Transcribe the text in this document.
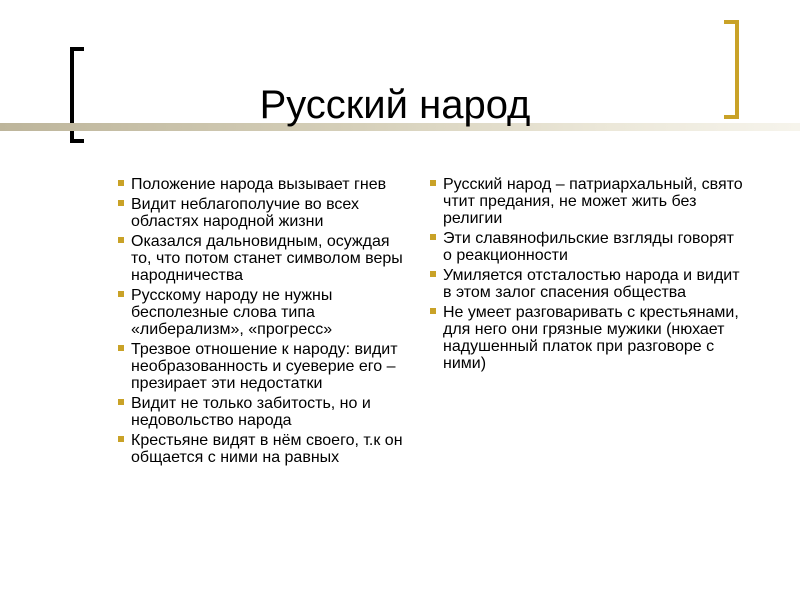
Русский народ
Положение народа вызывает гнев
Видит неблагополучие во всех областях народной жизни
Оказался дальновидным, осуждая то, что потом станет символом веры народничества
Русскому народу не нужны бесполезные слова типа «либерализм», «прогресс»
Трезвое отношение к народу: видит необразованность и суеверие его – презирает эти недостатки
Видит не только забитость, но и недовольство народа
Крестьяне видят в нём своего, т.к он общается с ними на равных
Русский народ – патриархальный, свято чтит предания, не может жить без религии
Эти славянофильские взгляды говорят о реакционности
Умиляется отсталостью народа и видит в этом залог спасения общества
Не умеет разговаривать с крестьянами, для него они грязные мужики (нюхает надушенный платок при разговоре с ними)
